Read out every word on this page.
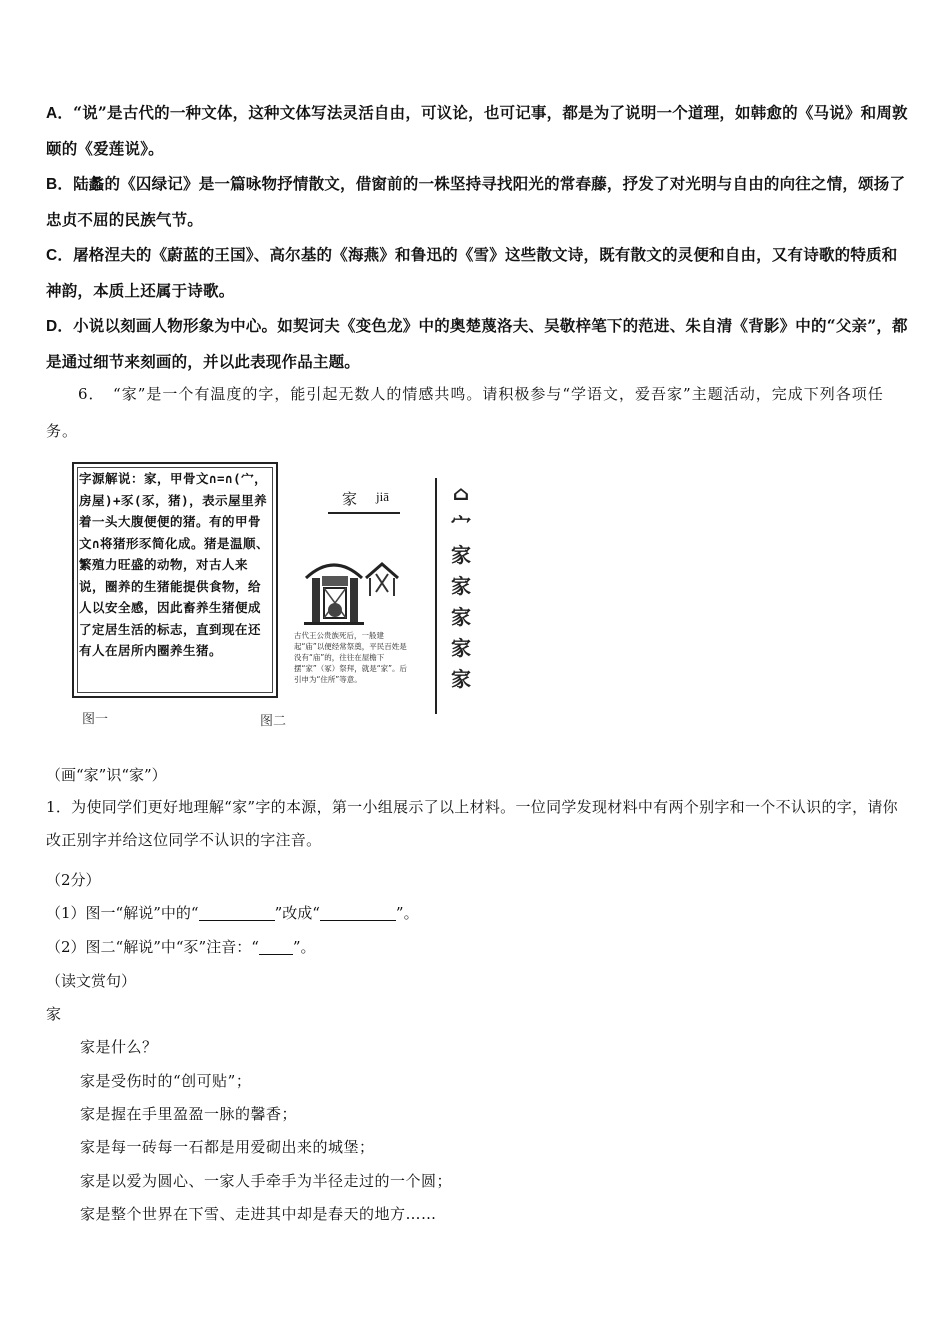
A．“说”是古代的一种文体，这种文体写法灵活自由，可议论，也可记事，都是为了说明一个道理，如韩愈的《马说》和周敦颐的《爱莲说》。
B．陆蠡的《囚绿记》是一篇咏物抒情散文，借窗前的一株坚持寻找阳光的常春藤，抒发了对光明与自由的向往之情，颂扬了忠贞不屈的民族气节。
C．屠格涅夫的《蔚蓝的王国》、高尔基的《海燕》和鲁迅的《雪》这些散文诗，既有散文的灵便和自由，又有诗歌的特质和神韵，本质上还属于诗歌。
D．小说以刻画人物形象为中心。如契诃夫《变色龙》中的奥楚蔑洛夫、吴敬梓笔下的范进、朱自清《背影》中的“父亲”，都是通过细节来刻画的，并以此表现作品主题。
6．　“家”是一个有温度的字，能引起无数人的情感共鸣。请积极参与“学语文，爱吾家”主题活动，完成下列各项任务。
字源解说：家，甲骨文∩=∩(宀，房屋)+豕(豕，猪)，表示屋里养着一头大腹便便的猪。有的甲骨文∩将猪形豕简化成。猪是温顺、繁殖力旺盛的动物，对古人来说，圈养的生猪能提供食物，给人以安全感，因此畜养生猪便成了定居生活的标志，直到现在还有人在居所内圈养生猪。
图一	图二
家 jiā
古代王公贵族死后，一般建起“庙”以便经常祭奠，平民百姓是没有“庙”的，往往在屋檐下摆“家”（冢）祭拜，就是“家”。后引申为“住所”等意。
⌂
宀
家
家
家
家
家
（画“家”识“家”）
1．为使同学们更好地理解“家”字的本源，第一小组展示了以上材料。一位同学发现材料中有两个别字和一个不认识的字，请你改正别字并给这位同学不认识的字注音。
（2分）
（1）图一“解说”中的“	”改成“	”。
（2）图二“解说”中“豕”注音：“ ”。
（读文赏句）
家
家是什么？
家是受伤时的“创可贴”；
家是握在手里盈盈一脉的馨香；
家是每一砖每一石都是用爱砌出来的城堡；
家是以爱为圆心、一家人手牵手为半径走过的一个圆；
家是整个世界在下雪、走进其中却是春天的地方……
